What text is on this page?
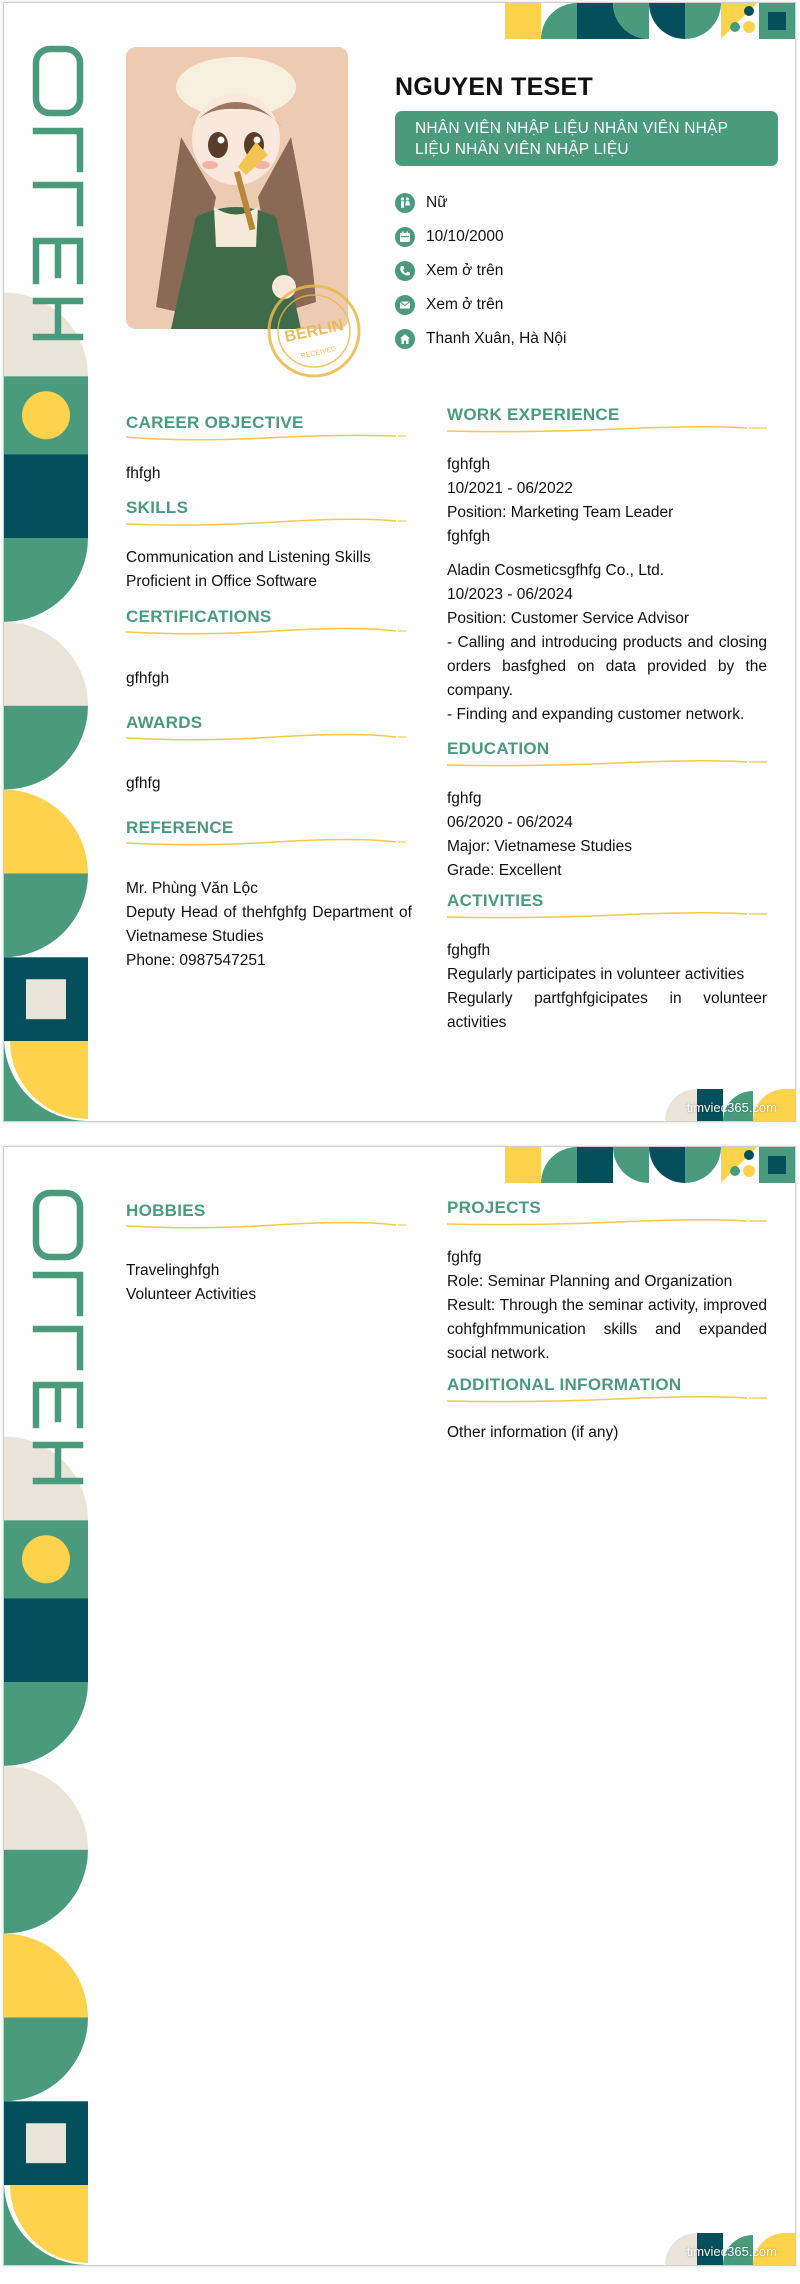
BERLIN
RECEIVED
NGUYEN TESET
NHÂN VIÊN NHẬP LIỆU NHÂN VIÊN NHẬP LIỆU NHÂN VIÊN NHẬP LIỆU
Nữ
10/10/2000
Xem ở trên
Xem ở trên
Thanh Xuân, Hà Nội
CAREER OBJECTIVE
fhfgh
SKILLS
Communication and Listening Skills
Proficient in Office Software
CERTIFICATIONS
gfhfgh
AWARDS
gfhfg
REFERENCE
Mr. Phùng Văn Lộc
Deputy Head of thehfghfg Department of Vietnamese Studies
Phone: 0987547251
WORK EXPERIENCE
fghfgh
10/2021 - 06/2022
Position: Marketing Team Leader
fghfgh
Aladin Cosmeticsgfhfg Co., Ltd.
10/2023 - 06/2024
Position: Customer Service Advisor
- Calling and introducing products and closing orders basfghed on data provided by the company.
- Finding and expanding customer network.
EDUCATION
fghfg
06/2020 - 06/2024
Major: Vietnamese Studies
Grade: Excellent
ACTIVITIES
fghgfh
Regularly participates in volunteer activities
Regularly partfghfgicipates in volunteer activities
timviec365.com
HOBBIES
Travelinghfgh
Volunteer Activities
PROJECTS
fghfg
Role: Seminar Planning and Organization
Result: Through the seminar activity, improved cohfghfmmunication skills and expanded social network.
ADDITIONAL INFORMATION
Other information (if any)
timviec365.com
